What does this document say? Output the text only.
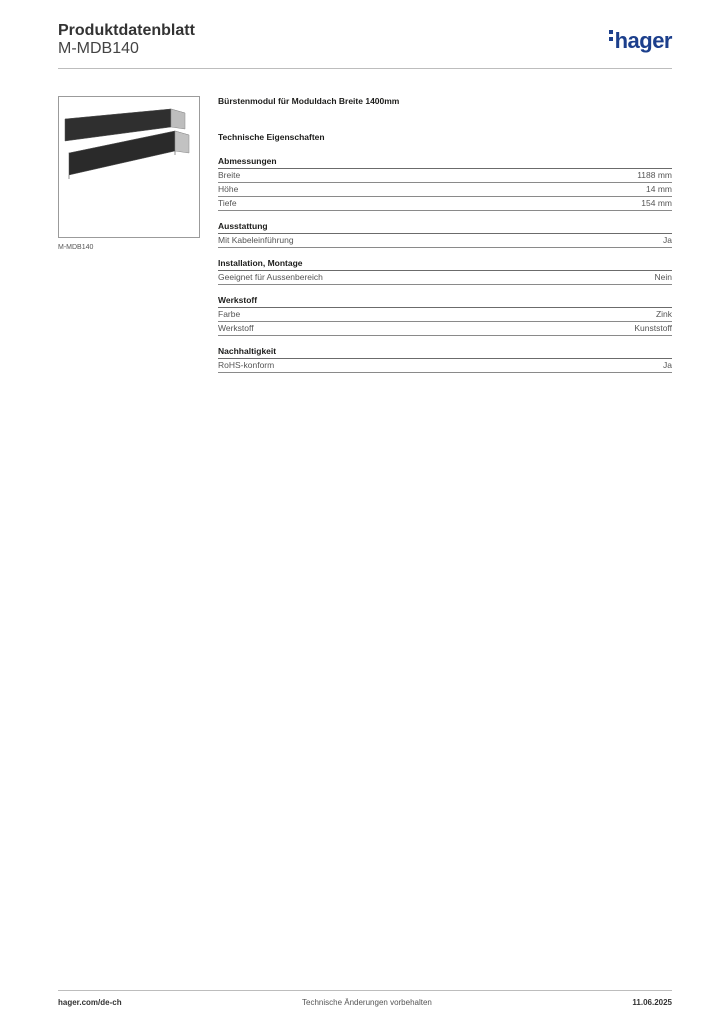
Produktdatenblatt
M-MDB140	hager
M-MDB140
Bürstenmodul für Moduldach Breite 1400mm
Technische Eigenschaften
Abmessungen
Breite	1188 mm
Höhe	14 mm
Tiefe	154 mm
Ausstattung
Mit Kabeleinführung	Ja
Installation, Montage
Geeignet für Aussenbereich	Nein
Werkstoff
Farbe	Zink
Werkstoff	Kunststoff
Nachhaltigkeit
RoHS-konform	Ja
hager.com/de-ch	Technische Änderungen vorbehalten	11.06.2025
